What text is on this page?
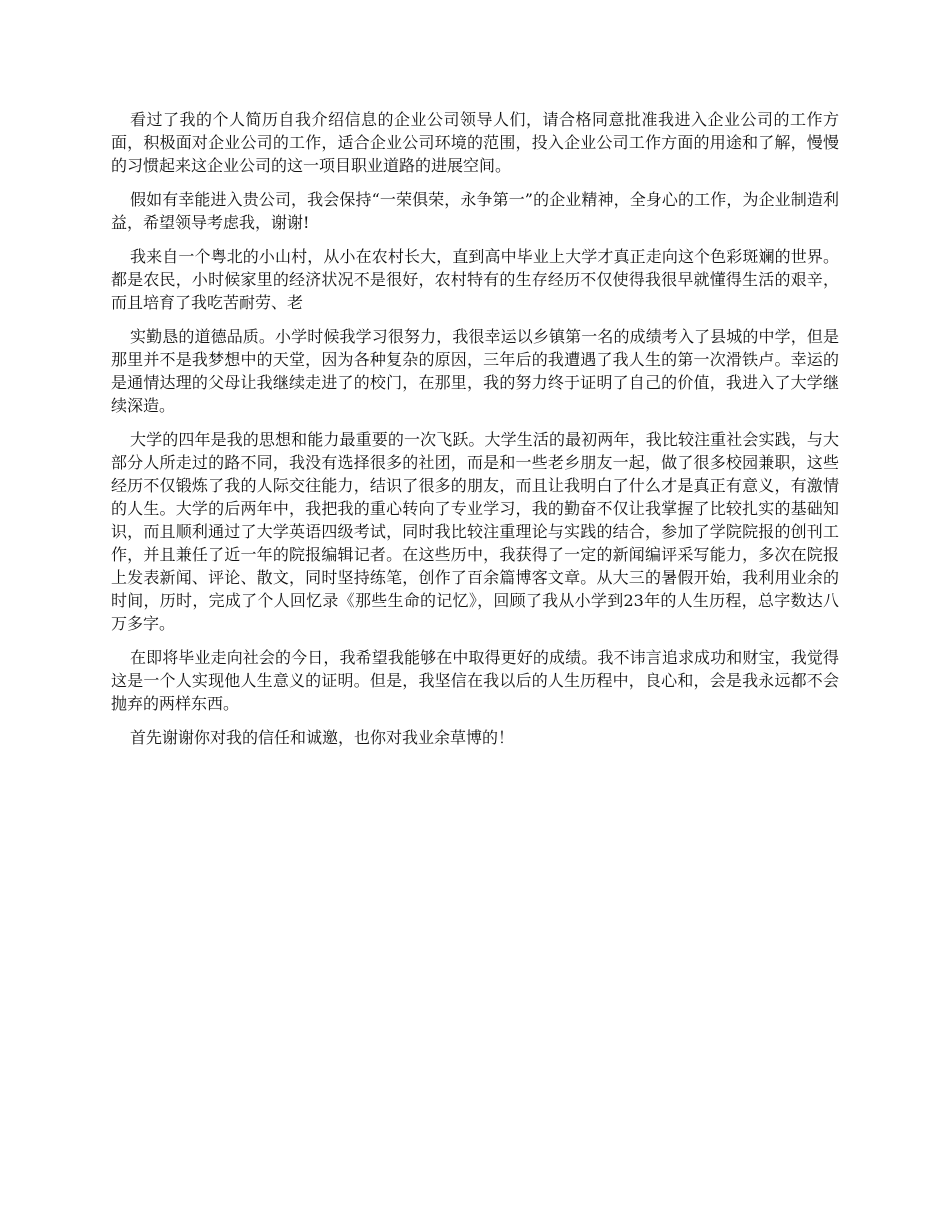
看过了我的个人简历自我介绍信息的企业公司领导人们，请合格同意批准我进入企业公司的工作方面，积极面对企业公司的工作，适合企业公司环境的范围，投入企业公司工作方面的用途和了解，慢慢的习惯起来这企业公司的这一项目职业道路的进展空间。

假如有幸能进入贵公司，我会保持“一荣俱荣，永争第一”的企业精神，全身心的工作，为企业制造利益，希望领导考虑我，谢谢!

我来自一个粤北的小山村，从小在农村长大，直到高中毕业上大学才真正走向这个色彩斑斓的世界。都是农民，小时候家里的经济状况不是很好，农村特有的生存经历不仅使得我很早就懂得生活的艰辛，而且培育了我吃苦耐劳、老

实勤恳的道德品质。小学时候我学习很努力，我很幸运以乡镇第一名的成绩考入了县城的中学，但是那里并不是我梦想中的天堂，因为各种复杂的原因，三年后的我遭遇了我人生的第一次滑铁卢。幸运的是通情达理的父母让我继续走进了的校门，在那里，我的努力终于证明了自己的价值，我进入了大学继续深造。

大学的四年是我的思想和能力最重要的一次飞跃。大学生活的最初两年，我比较注重社会实践，与大部分人所走过的路不同，我没有选择很多的社团，而是和一些老乡朋友一起，做了很多校园兼职，这些经历不仅锻炼了我的人际交往能力，结识了很多的朋友，而且让我明白了什么才是真正有意义，有激情的人生。大学的后两年中，我把我的重心转向了专业学习，我的勤奋不仅让我掌握了比较扎实的基础知识，而且顺利通过了大学英语四级考试，同时我比较注重理论与实践的结合，参加了学院院报的创刊工作，并且兼任了近一年的院报编辑记者。在这些历中，我获得了一定的新闻编评采写能力，多次在院报上发表新闻、评论、散文，同时坚持练笔，创作了百余篇博客文章。从大三的暑假开始，我利用业余的时间，历时，完成了个人回忆录《那些生命的记忆》，回顾了我从小学到23年的人生历程，总字数达八万多字。

在即将毕业走向社会的今日，我希望我能够在中取得更好的成绩。我不讳言追求成功和财宝，我觉得这是一个人实现他人生意义的证明。但是，我坚信在我以后的人生历程中，良心和，会是我永远都不会抛弃的两样东西。

首先谢谢你对我的信任和诚邀，也你对我业余草博的！
